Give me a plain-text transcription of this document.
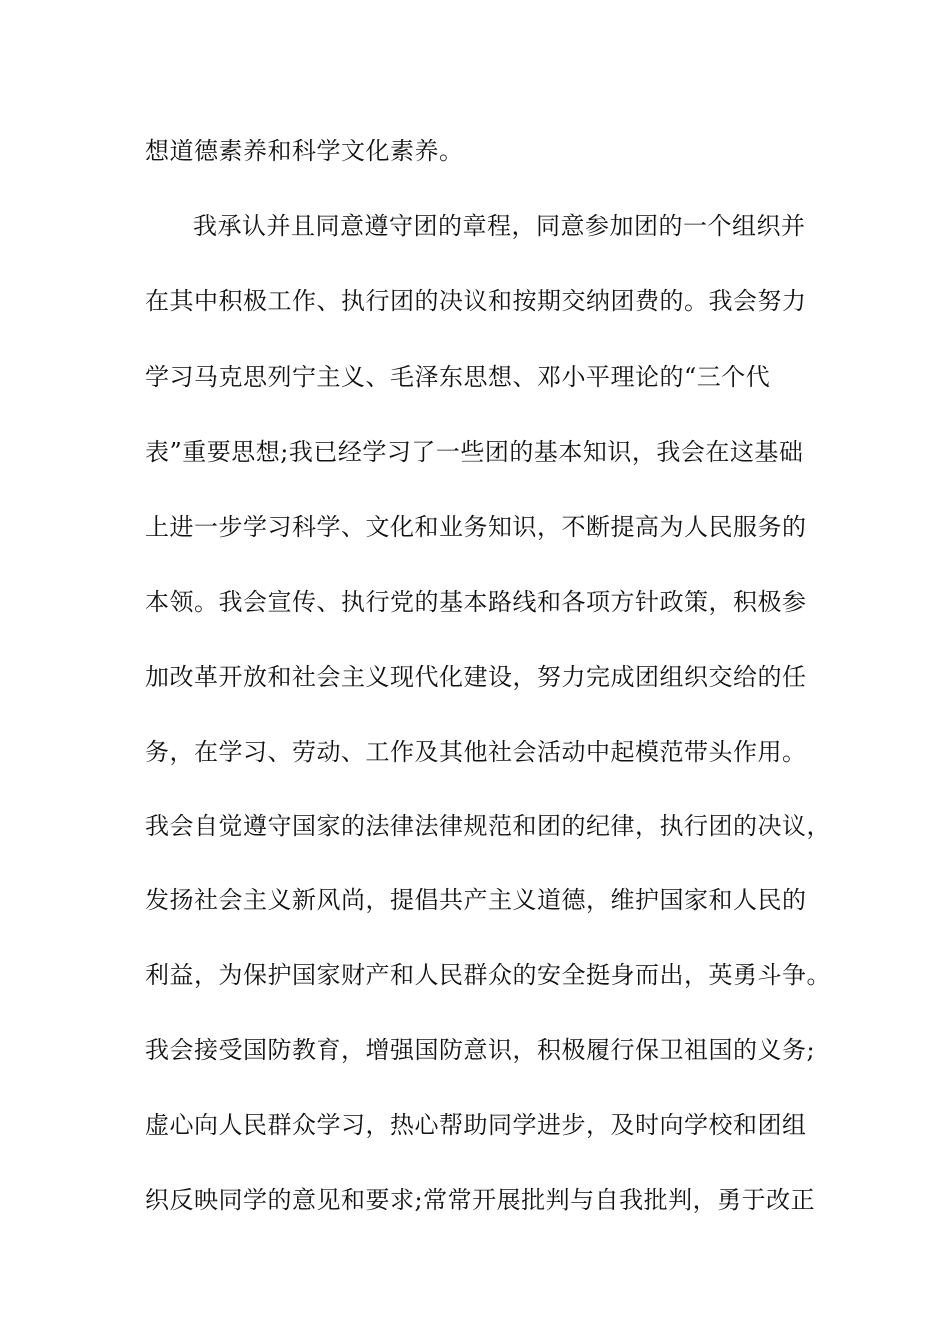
想道德素养和科学文化素养。
我承认并且同意遵守团的章程，同意参加团的一个组织并
在其中积极工作、执行团的决议和按期交纳团费的。我会努力
学习马克思列宁主义、毛泽东思想、邓小平理论的“三个代
表”重要思想;我已经学习了一些团的基本知识，我会在这基础
上进一步学习科学、文化和业务知识，不断提高为人民服务的
本领。我会宣传、执行党的基本路线和各项方针政策，积极参
加改革开放和社会主义现代化建设，努力完成团组织交给的任
务，在学习、劳动、工作及其他社会活动中起模范带头作用。
我会自觉遵守国家的法律法律规范和团的纪律，执行团的决议，
发扬社会主义新风尚，提倡共产主义道德，维护国家和人民的
利益，为保护国家财产和人民群众的安全挺身而出，英勇斗争。
我会接受国防教育，增强国防意识，积极履行保卫祖国的义务;
虚心向人民群众学习，热心帮助同学进步，及时向学校和团组
织反映同学的意见和要求;常常开展批判与自我批判，勇于改正
